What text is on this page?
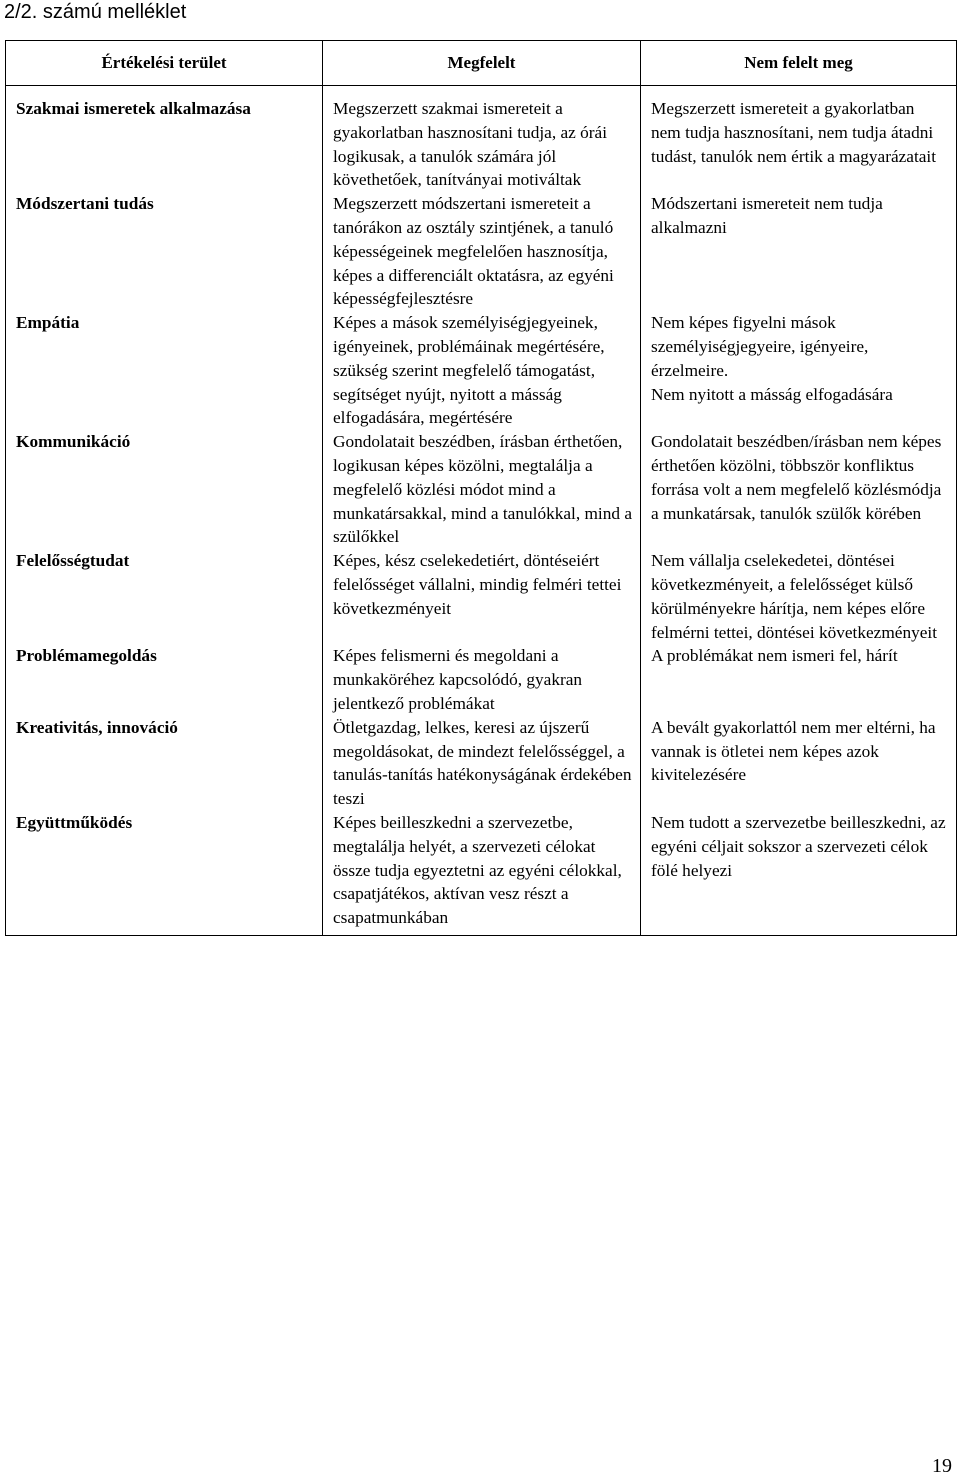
2/2. számú melléklet
Értékelési terület	Megfelelt	Nem felelt meg
Szakmai ismeretek alkalmazása	Megszerzett szakmai ismereteit a gyakorlatban hasznosítani tudja, az órái logikusak, a tanulók számára jól követhetőek, tanítványai motiváltak	Megszerzett ismereteit a gyakorlatban nem tudja hasznosítani, nem tudja átadni tudást, tanulók nem értik a magyarázatait
Módszertani tudás	Megszerzett módszertani ismereteit a tanórákon az osztály szintjének, a tanuló képességeinek megfelelően hasznosítja, képes a differenciált oktatásra, az egyéni képességfejlesztésre	Módszertani ismereteit nem tudja alkalmazni
Empátia	Képes a mások személyiségjegyeinek, igényeinek, problémáinak megértésére, szükség szerint megfelelő támogatást, segítséget nyújt, nyitott a másság elfogadására, megértésére	Nem képes figyelni mások személyiségjegyeire, igényeire, érzelmeire.
Nem nyitott a másság elfogadására
Kommunikáció	Gondolatait beszédben, írásban érthetően, logikusan képes közölni, megtalálja a megfelelő közlési módot mind a munkatársakkal, mind a tanulókkal, mind a szülőkkel	Gondolatait beszédben/írásban nem képes érthetően közölni, többször konfliktus forrása volt a nem megfelelő közlésmódja a munkatársak, tanulók szülők körében
Felelősségtudat	Képes, kész cselekedetiért, döntéseiért felelősséget vállalni, mindig felméri tettei következményeit	Nem vállalja cselekedetei, döntései következményeit, a felelősséget külső körülményekre hárítja, nem képes előre felmérni tettei, döntései következményeit
Problémamegoldás	Képes felismerni és megoldani a munkaköréhez kapcsolódó, gyakran jelentkező problémákat	A problémákat nem ismeri fel, hárít
Kreativitás, innováció	Ötletgazdag, lelkes, keresi az újszerű megoldásokat, de mindezt felelősséggel, a tanulás-tanítás hatékonyságának érdekében teszi	A bevált gyakorlattól nem mer eltérni, ha vannak is ötletei nem képes azok kivitelezésére
Együttműködés	Képes beilleszkedni a szervezetbe, megtalálja helyét, a szervezeti célokat össze tudja egyeztetni az egyéni célokkal, csapatjátékos, aktívan vesz részt a csapatmunkában	Nem tudott a szervezetbe beilleszkedni, az egyéni céljait sokszor a szervezeti célok fölé helyezi
19
